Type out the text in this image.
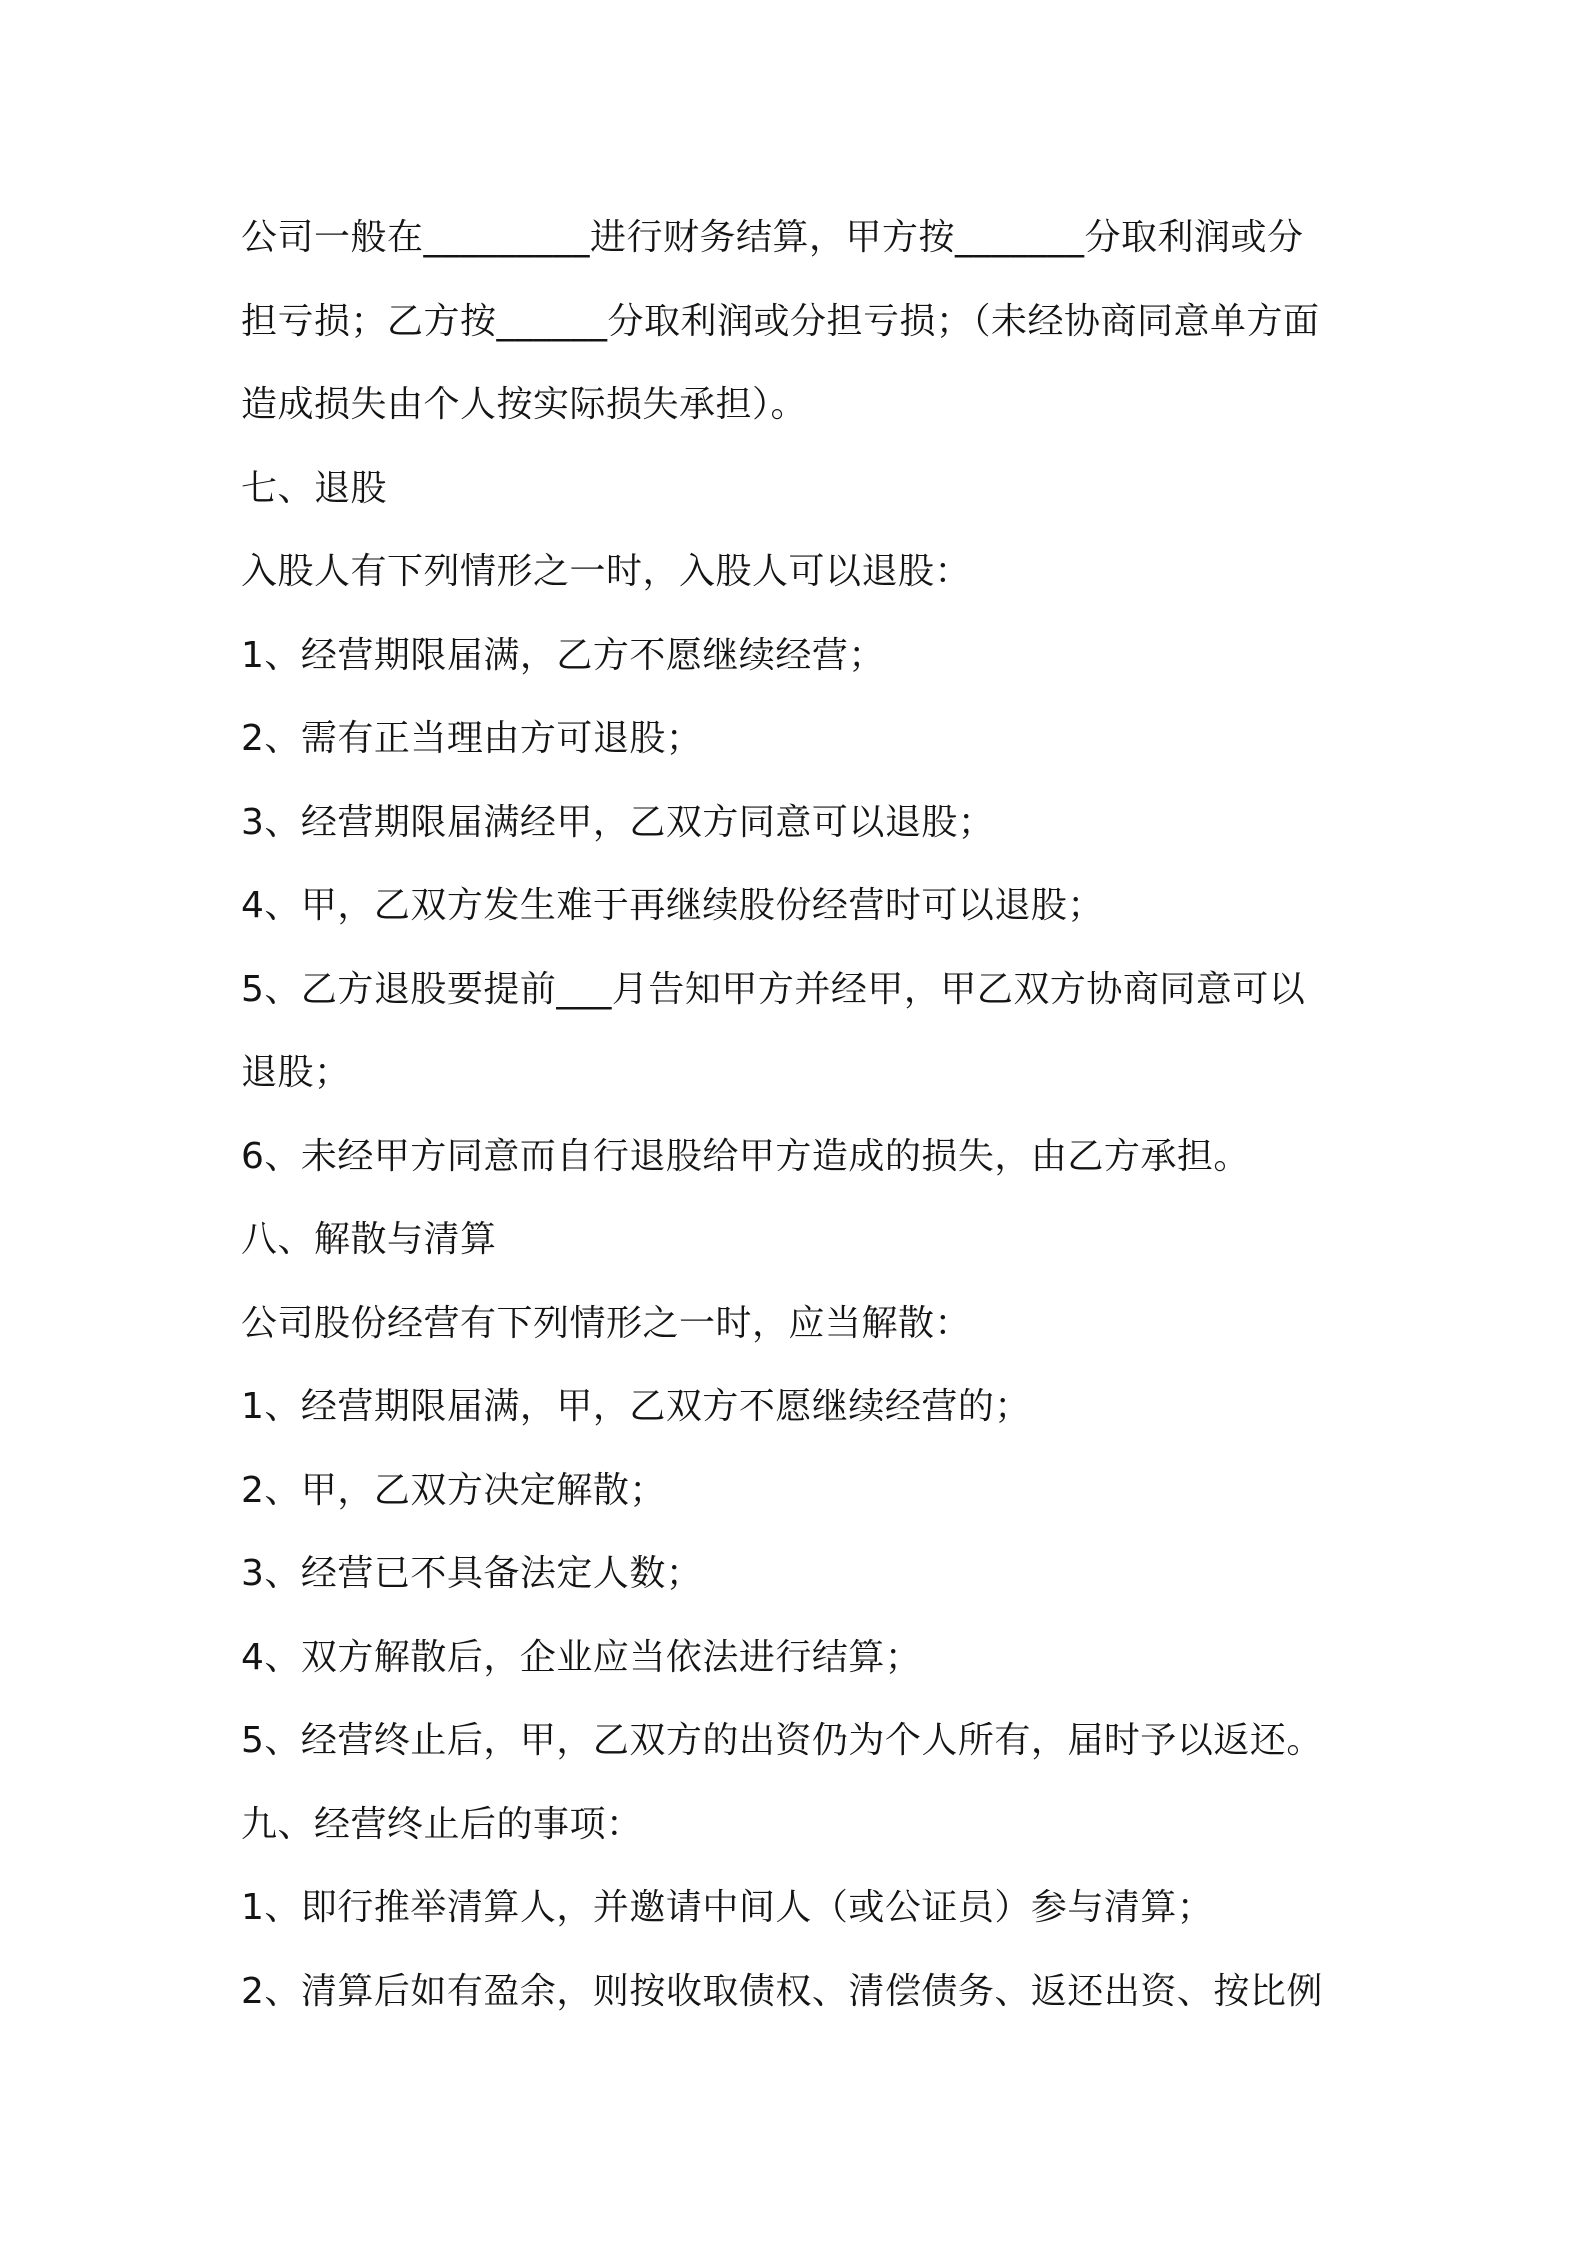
公司一般在_________进行财务结算，甲方按_______分取利润或分

担亏损；乙方按______分取利润或分担亏损；（未经协商同意单方面

造成损失由个人按实际损失承担）。

七、退股

入股人有下列情形之一时，入股人可以退股：

1、经营期限届满，乙方不愿继续经营；

2、需有正当理由方可退股；

3、经营期限届满经甲，乙双方同意可以退股；

4、甲，乙双方发生难于再继续股份经营时可以退股；

5、乙方退股要提前___月告知甲方并经甲，甲乙双方协商同意可以

退股；

6、未经甲方同意而自行退股给甲方造成的损失，由乙方承担。

八、解散与清算

公司股份经营有下列情形之一时，应当解散：

1、经营期限届满，甲，乙双方不愿继续经营的；

2、甲，乙双方决定解散；

3、经营已不具备法定人数；

4、双方解散后，企业应当依法进行结算；

5、经营终止后，甲，乙双方的出资仍为个人所有，届时予以返还。

九、经营终止后的事项：

1、即行推举清算人，并邀请中间人（或公证员）参与清算；

2、清算后如有盈余，则按收取债权、清偿债务、返还出资、按比例
